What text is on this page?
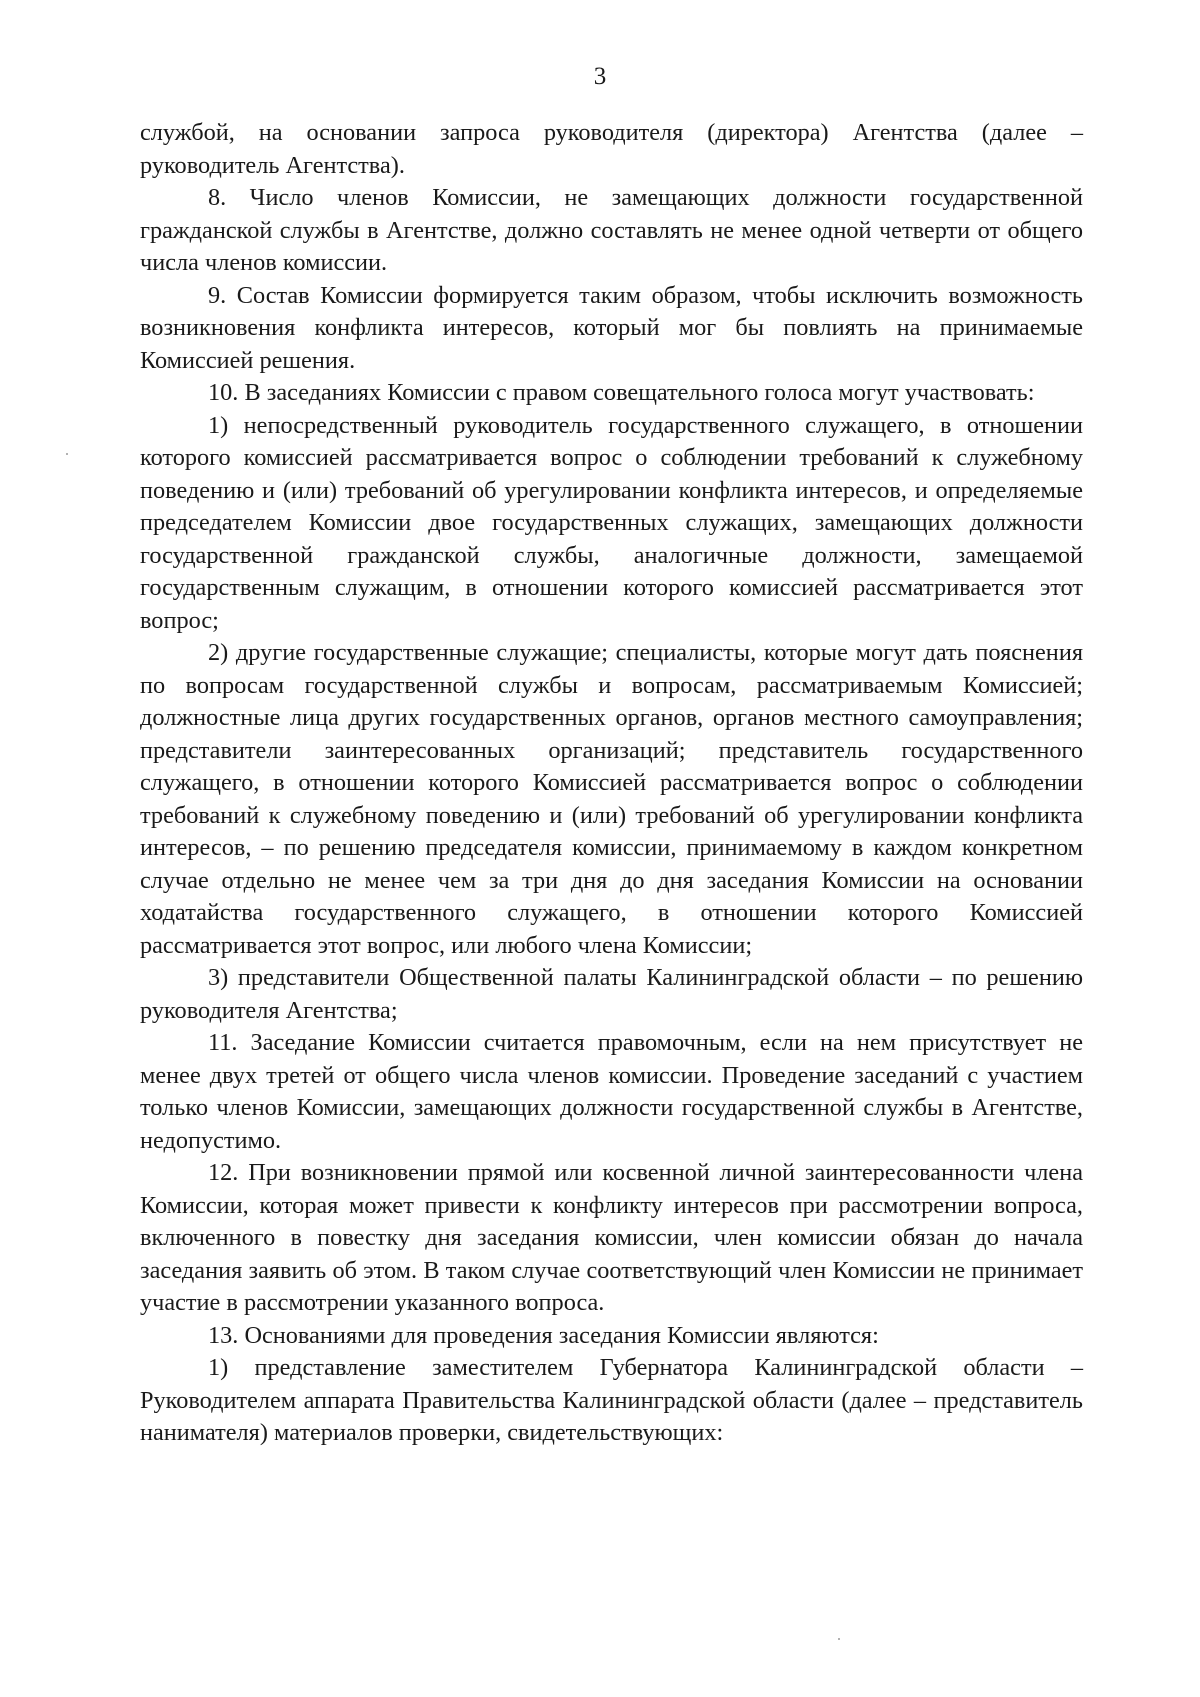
3

службой, на основании запроса руководителя (директора) Агентства (далее – руководитель Агентства).

8. Число членов Комиссии, не замещающих должности государственной гражданской службы в Агентстве, должно составлять не менее одной четверти от общего числа членов комиссии.

9. Состав Комиссии формируется таким образом, чтобы исключить возможность возникновения конфликта интересов, который мог бы повлиять на принимаемые Комиссией решения.

10. В заседаниях Комиссии с правом совещательного голоса могут участвовать:

1) непосредственный руководитель государственного служащего, в отношении которого комиссией рассматривается вопрос о соблюдении требований к служебному поведению и (или) требований об урегулировании конфликта интересов, и определяемые председателем Комиссии двое государственных служащих, замещающих должности государственной гражданской службы, аналогичные должности, замещаемой государственным служащим, в отношении которого комиссией рассматривается этот вопрос;

2) другие государственные служащие; специалисты, которые могут дать пояснения по вопросам государственной службы и вопросам, рассматриваемым Комиссией; должностные лица других государственных органов, органов местного самоуправления; представители заинтересованных организаций; представитель государственного служащего, в отношении которого Комиссией рассматривается вопрос о соблюдении требований к служебному поведению и (или) требований об урегулировании конфликта интересов, – по решению председателя комиссии, принимаемому в каждом конкретном случае отдельно не менее чем за три дня до дня заседания Комиссии на основании ходатайства государственного служащего, в отношении которого Комиссией рассматривается этот вопрос, или любого члена Комиссии;

3) представители Общественной палаты Калининградской области – по решению руководителя Агентства;

11. Заседание Комиссии считается правомочным, если на нем присутствует не менее двух третей от общего числа членов комиссии. Проведение заседаний с участием только членов Комиссии, замещающих должности государственной службы в Агентстве, недопустимо.

12. При возникновении прямой или косвенной личной заинтересованности члена Комиссии, которая может привести к конфликту интересов при рассмотрении вопроса, включенного в повестку дня заседания комиссии, член комиссии обязан до начала заседания заявить об этом. В таком случае соответствующий член Комиссии не принимает участие в рассмотрении указанного вопроса.

13. Основаниями для проведения заседания Комиссии являются:

1) представление заместителем Губернатора Калининградской области – Руководителем аппарата Правительства Калининградской области (далее – представитель нанимателя) материалов проверки, свидетельствующих:
